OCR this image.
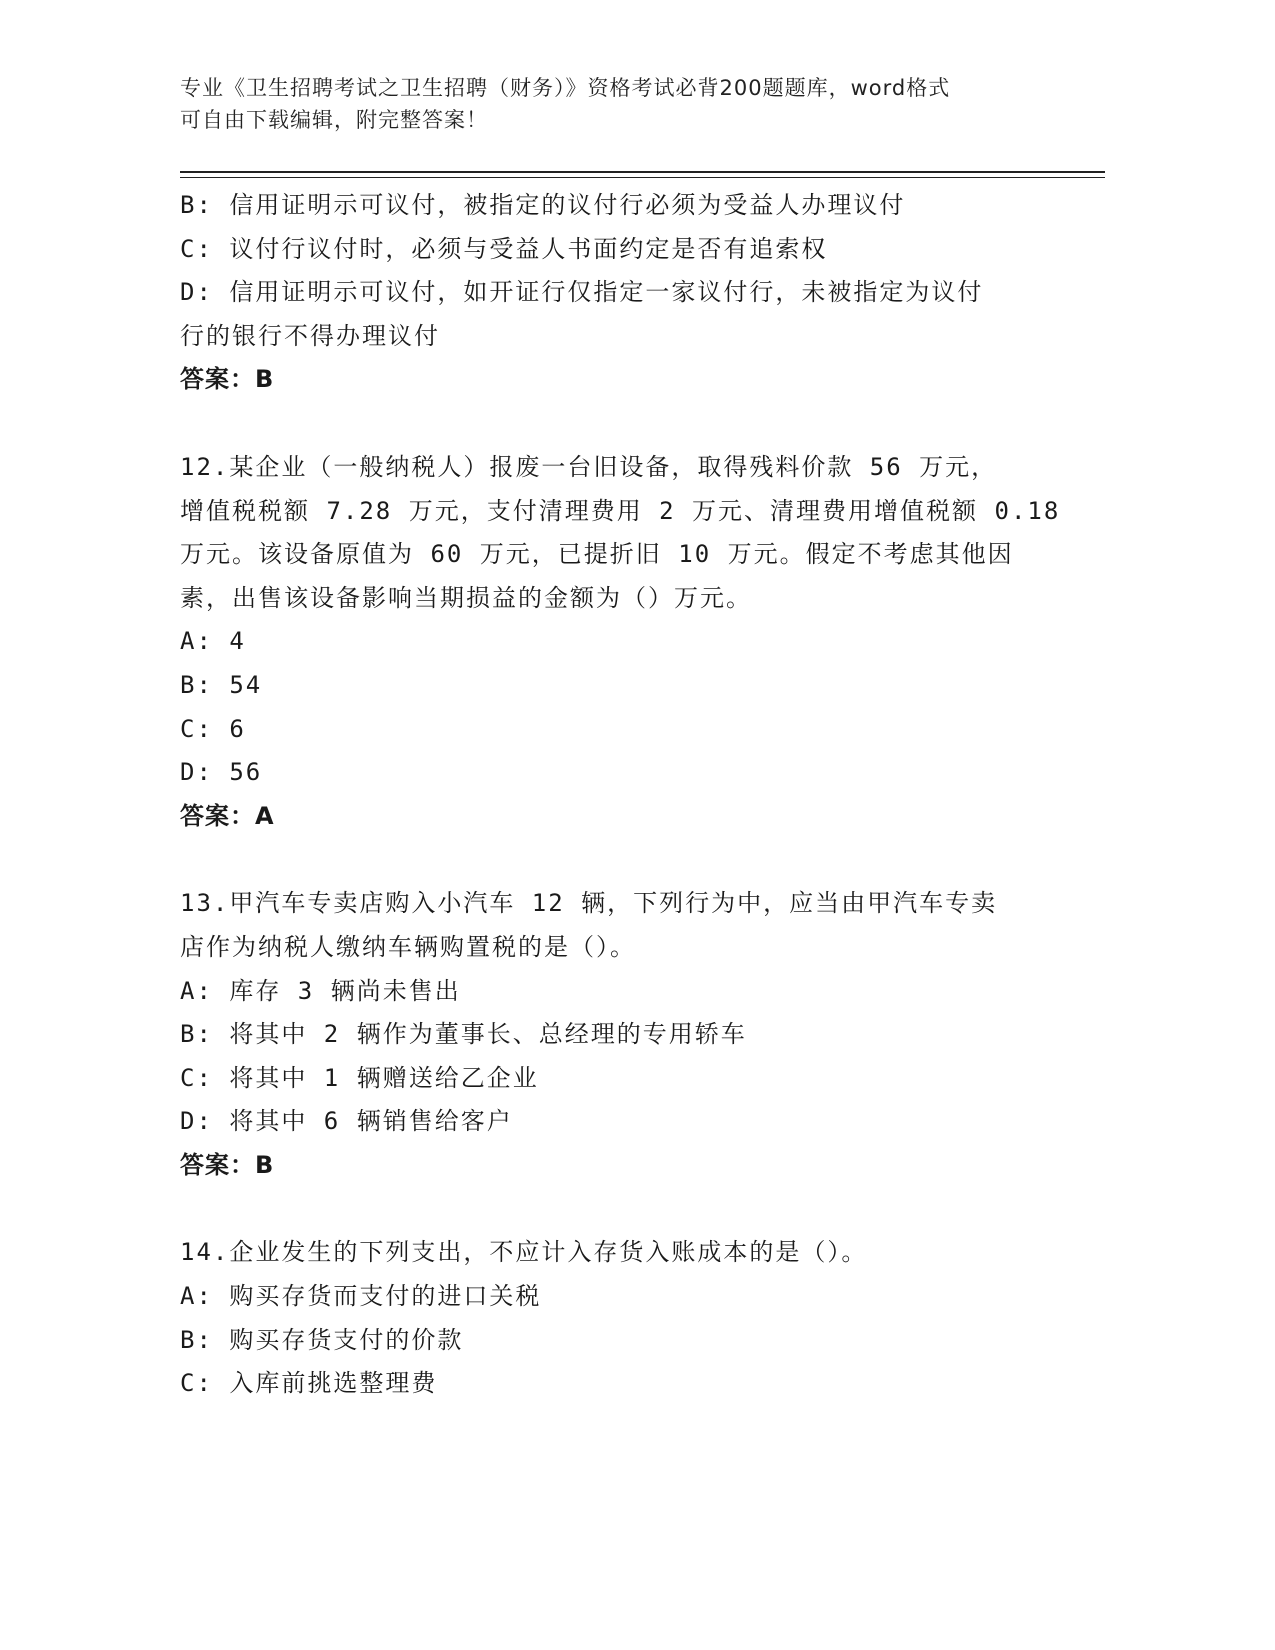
专业《卫生招聘考试之卫生招聘（财务）》资格考试必背200题题库，word格式
可自由下载编辑，附完整答案！
B: 信用证明示可议付，被指定的议付行必须为受益人办理议付
C: 议付行议付时，必须与受益人书面约定是否有追索权
D: 信用证明示可议付，如开证行仅指定一家议付行，未被指定为议付
行的银行不得办理议付
答案：B
12.某企业（一般纳税人）报废一台旧设备，取得残料价款 56 万元，
增值税税额 7.28 万元，支付清理费用 2 万元、清理费用增值税额 0.18
万元。该设备原值为 60 万元，已提折旧 10 万元。假定不考虑其他因
素，出售该设备影响当期损益的金额为（）万元。
A: 4
B: 54
C: 6
D: 56
答案：A
13.甲汽车专卖店购入小汽车 12 辆，下列行为中，应当由甲汽车专卖
店作为纳税人缴纳车辆购置税的是（）。
A: 库存 3 辆尚未售出
B: 将其中 2 辆作为董事长、总经理的专用轿车
C: 将其中 1 辆赠送给乙企业
D: 将其中 6 辆销售给客户
答案：B
14.企业发生的下列支出，不应计入存货入账成本的是（）。
A: 购买存货而支付的进口关税
B: 购买存货支付的价款
C: 入库前挑选整理费
